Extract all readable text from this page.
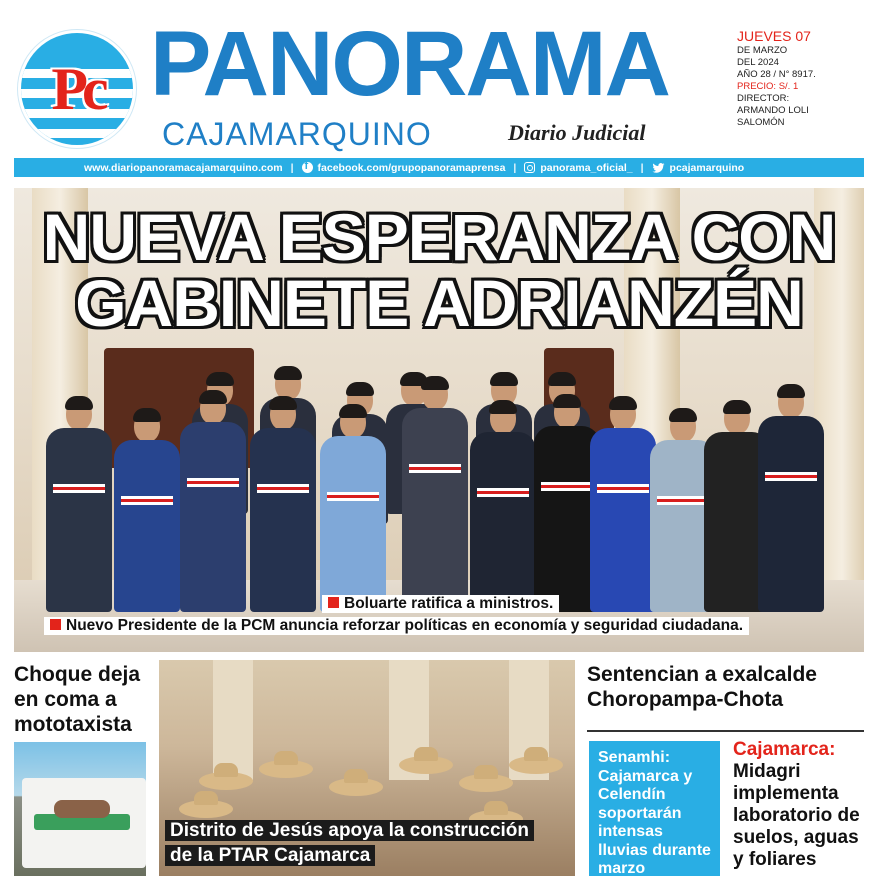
Pc PANORAMA
CAJAMARQUINO	Diario Judicial
JUEVES 07
DE MARZO
DEL 2024
AÑO 28 / N° 8917.
PRECIO: S/. 1
DIRECTOR:
ARMANDO LOLI
SALOMÓN
www.diariopanoramacajamarquino.com |
f facebook.com/grupopanoramaprensa | panorama_oficial_ | pcajamarquino
NUEVA ESPERANZA CON
GABINETE ADRIANZÉN
Boluarte ratifica a ministros.
Nuevo Presidente de la PCM anuncia reforzar políticas en economía y seguridad ciudadana.
Choque deja en coma a mototaxista
Distrito de Jesús apoya la construcción
de la PTAR Cajamarca
Sentencian a exalcalde Choropampa-Chota
Senamhi: Cajamarca y Celendín soportarán intensas lluvias durante marzo
Cajamarca:
Midagri implementa laboratorio de suelos, aguas y foliares
